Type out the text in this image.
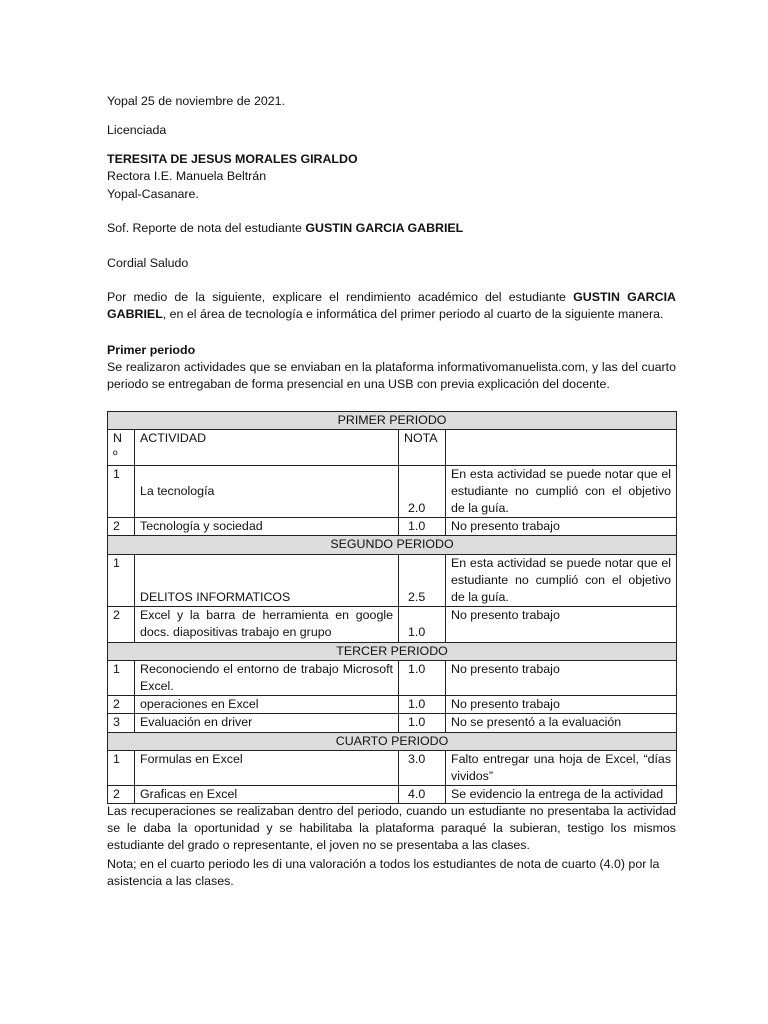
Yopal 25 de noviembre de 2021.

Licenciada

TERESITA DE JESUS MORALES GIRALDO

Rectora I.E. Manuela Beltrán

Yopal-Casanare.

Sof. Reporte de nota del estudiante GUSTIN GARCIA GABRIEL

Cordial Saludo

Por medio de la siguiente, explicare el rendimiento académico del estudiante GUSTIN GARCIA GABRIEL, en el área de tecnología e informática del primer periodo al cuarto de la siguiente manera.

Primer periodo

Se realizaron actividades que se enviaban en la plataforma informativomanuelista.com, y las del cuarto periodo se entregaban de forma presencial en una USB con previa explicación del docente.

PRIMER PERIODO			
N º	ACTIVIDAD	NOTA	
1	La tecnología	2.0	En esta actividad se puede notar que el estudiante no cumplió con el objetivo de la guía.
2	Tecnología y sociedad	1.0	No presento trabajo
SEGUNDO PERIODO			
1	DELITOS INFORMATICOS	2.5	En esta actividad se puede notar que el estudiante no cumplió con el objetivo de la guía.
2	Excel y la barra de herramienta en google docs. diapositivas trabajo en grupo	1.0	No presento trabajo
TERCER PERIODO			
1	Reconociendo el entorno de trabajo Microsoft Excel.	1.0	No presento trabajo
2	operaciones en Excel	1.0	No presento trabajo
3	Evaluación en driver	1.0	No se presentó a la evaluación
CUARTO PERIODO			
1	Formulas en Excel	3.0	Falto entregar una hoja de Excel, “días vividos”
2	Graficas en Excel	4.0	Se evidencio la entrega de la actividad

Las recuperaciones se realizaban dentro del periodo, cuando un estudiante no presentaba la actividad se le daba la oportunidad y se habilitaba la plataforma paraqué la subieran, testigo los mismos estudiante del grado o representante, el joven no se presentaba a las clases.

Nota; en el cuarto periodo les di una valoración a todos los estudiantes de nota de cuarto (4.0) por la asistencia a las clases.
